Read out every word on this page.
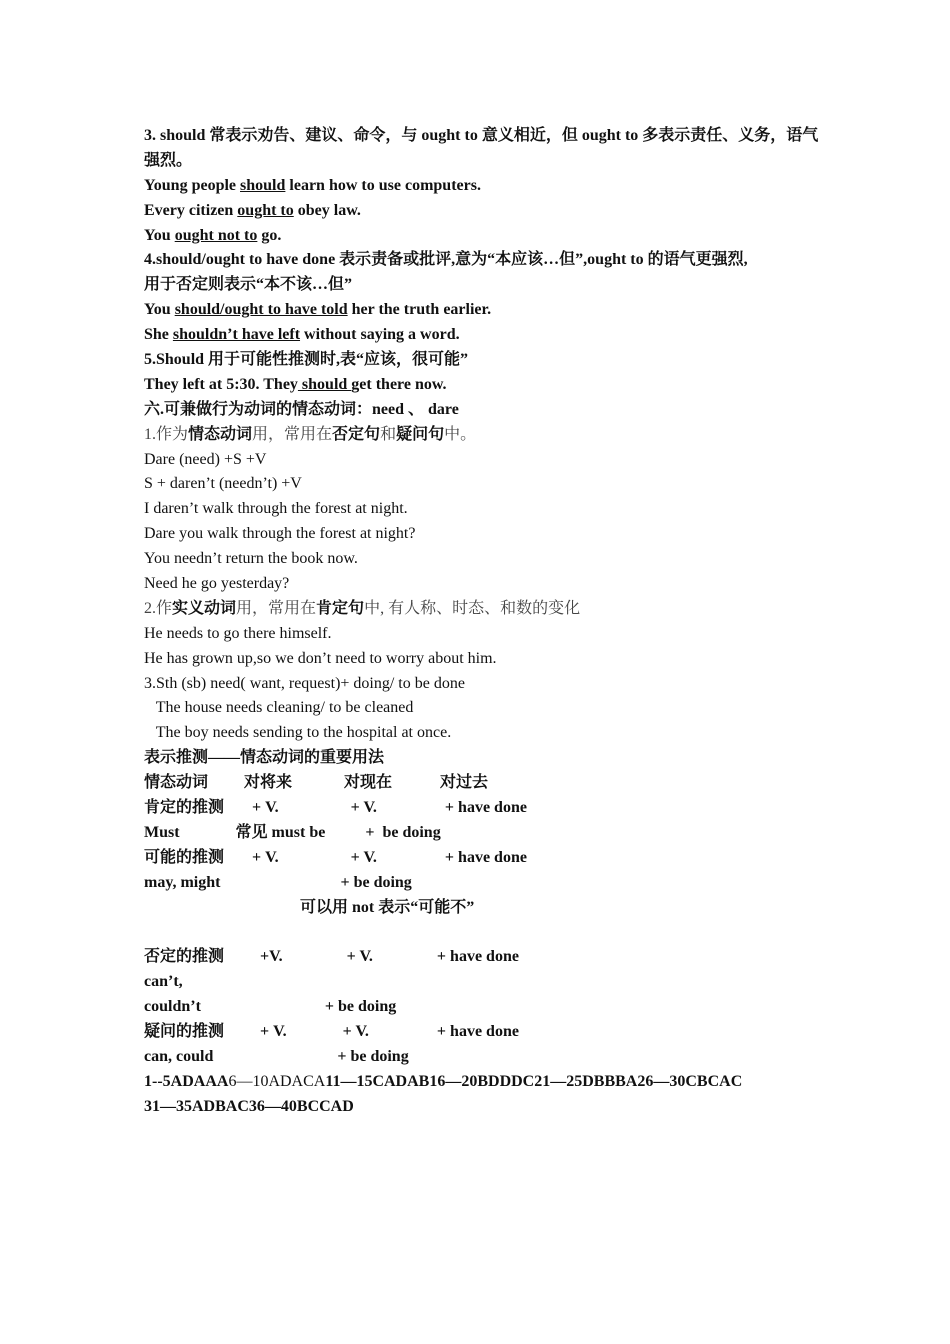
3. should 常表示劝告、建议、命令，与 ought to 意义相近，但 ought to 多表示责任、义务，语气
强烈。
Young people should learn how to use computers.
Every citizen ought to obey law.
You ought not to go.
4.should/ought to have done 表示责备或批评,意为“本应该…但”,ought to 的语气更强烈,
用于否定则表示“本不该…但”
You should/ought to have told her the truth earlier.
She shouldn’t have left without saying a word.
5.Should 用于可能性推测时,表“应该，很可能”
They left at 5:30. They should get there now.
六.可兼做行为动词的情态动词：need 、 dare
1.作为情态动词用，常用在否定句和疑问句中。
Dare (need) +S +V
S + daren’t (needn’t) +V
I daren’t walk through the forest at night.
Dare you walk through the forest at night?
You needn’t return the book now.
Need he go yesterday?
2.作实义动词用，常用在肯定句中, 有人称、时态、和数的变化
He needs to go there himself.
He has grown up,so we don’t need to worry about him.
3.Sth (sb) need( want, request)+ doing/ to be done
The house needs cleaning/ to be cleaned
The boy needs sending to the hospital at once.
表示推测——情态动词的重要用法
情态动词         对将来             对现在            对过去
肯定的推测       + V.                  + V.                 + have done
Must              常见 must be          +  be doing
可能的推测       + V.                  + V.                 + have done
may, might                              + be doing
可以用 not 表示“可能不”
否定的推测         +V.                + V.                + have done
can’t,
couldn’t                               + be doing
疑问的推测         + V.              + V.                 + have done
can, could                               + be doing
1--5ADAAA6—10ADACA11—15CADAB16—20BDDDC21—25DBBBA26—30CBCAC
31—35ADBAC36—40BCCAD
